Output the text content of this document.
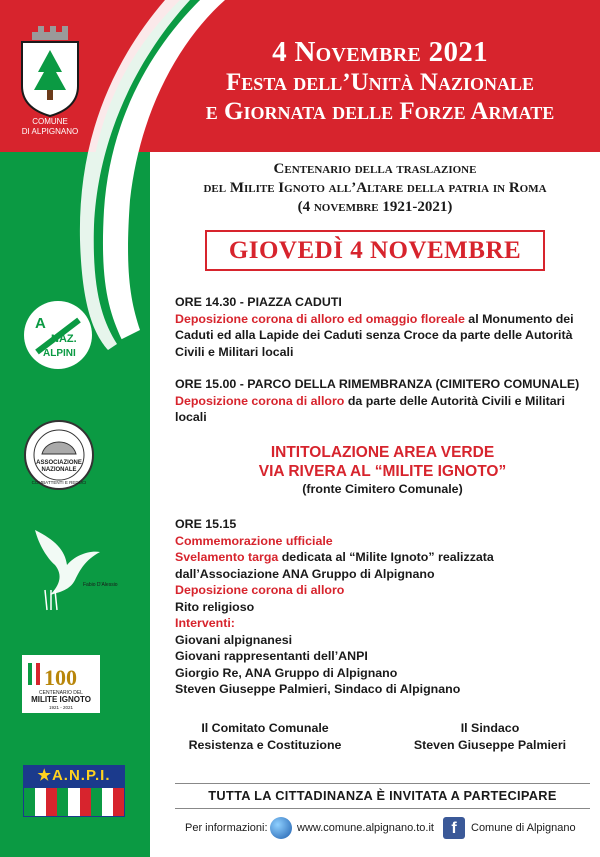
COMUNE
DI ALPIGNANO
4 Novembre 2021
Festa dell’Unità Nazionale
e Giornata delle Forze Armate
Centenario della traslazione
del Milite Ignoto all’Altare della patria in Roma
(4 novembre 1921-2021)
GIOVEDÌ 4 NOVEMBRE
ORE 14.30 - PIAZZA CADUTI
Deposizione corona di alloro ed omaggio floreale al Monumento dei Caduti ed alla Lapide dei Caduti senza Croce da parte delle Autorità Civili e Militari locali
ORE 15.00 - PARCO DELLA RIMEMBRANZA (CIMITERO COMUNALE)
Deposizione corona di alloro da parte delle Autorità Civili e Militari locali
INTITOLAZIONE AREA VERDE
VIA RIVERA AL “MILITE IGNOTO”
(fronte Cimitero Comunale)
ORE 15.15
Commemorazione ufficiale
Svelamento targa dedicata al “Milite Ignoto” realizzata dall’Associazione ANA Gruppo di Alpignano
Deposizione corona di alloro
Rito religioso
Interventi:
Giovani alpignanesi
Giovani rappresentanti dell’ANPI
Giorgio Re, ANA Gruppo di Alpignano
Steven Giuseppe Palmieri, Sindaco di Alpignano
Il Comitato Comunale
Resistenza e Costituzione
Il Sindaco
Steven Giuseppe Palmieri
TUTTA LA CITTADINANZA È INVITATA A PARTECIPARE
Per informazioni:	www.comune.alpignano.to.it	f	Comune di Alpignano
A
NAZ.
ALPINI
ASSOCIAZIONE
NAZIONALE
COMBATTENTI E REDUCI
Fabio D'Alessio
100
CENTENARIO DEL
MILITE IGNOTO
1921 - 2021
★A.N.P.I.
